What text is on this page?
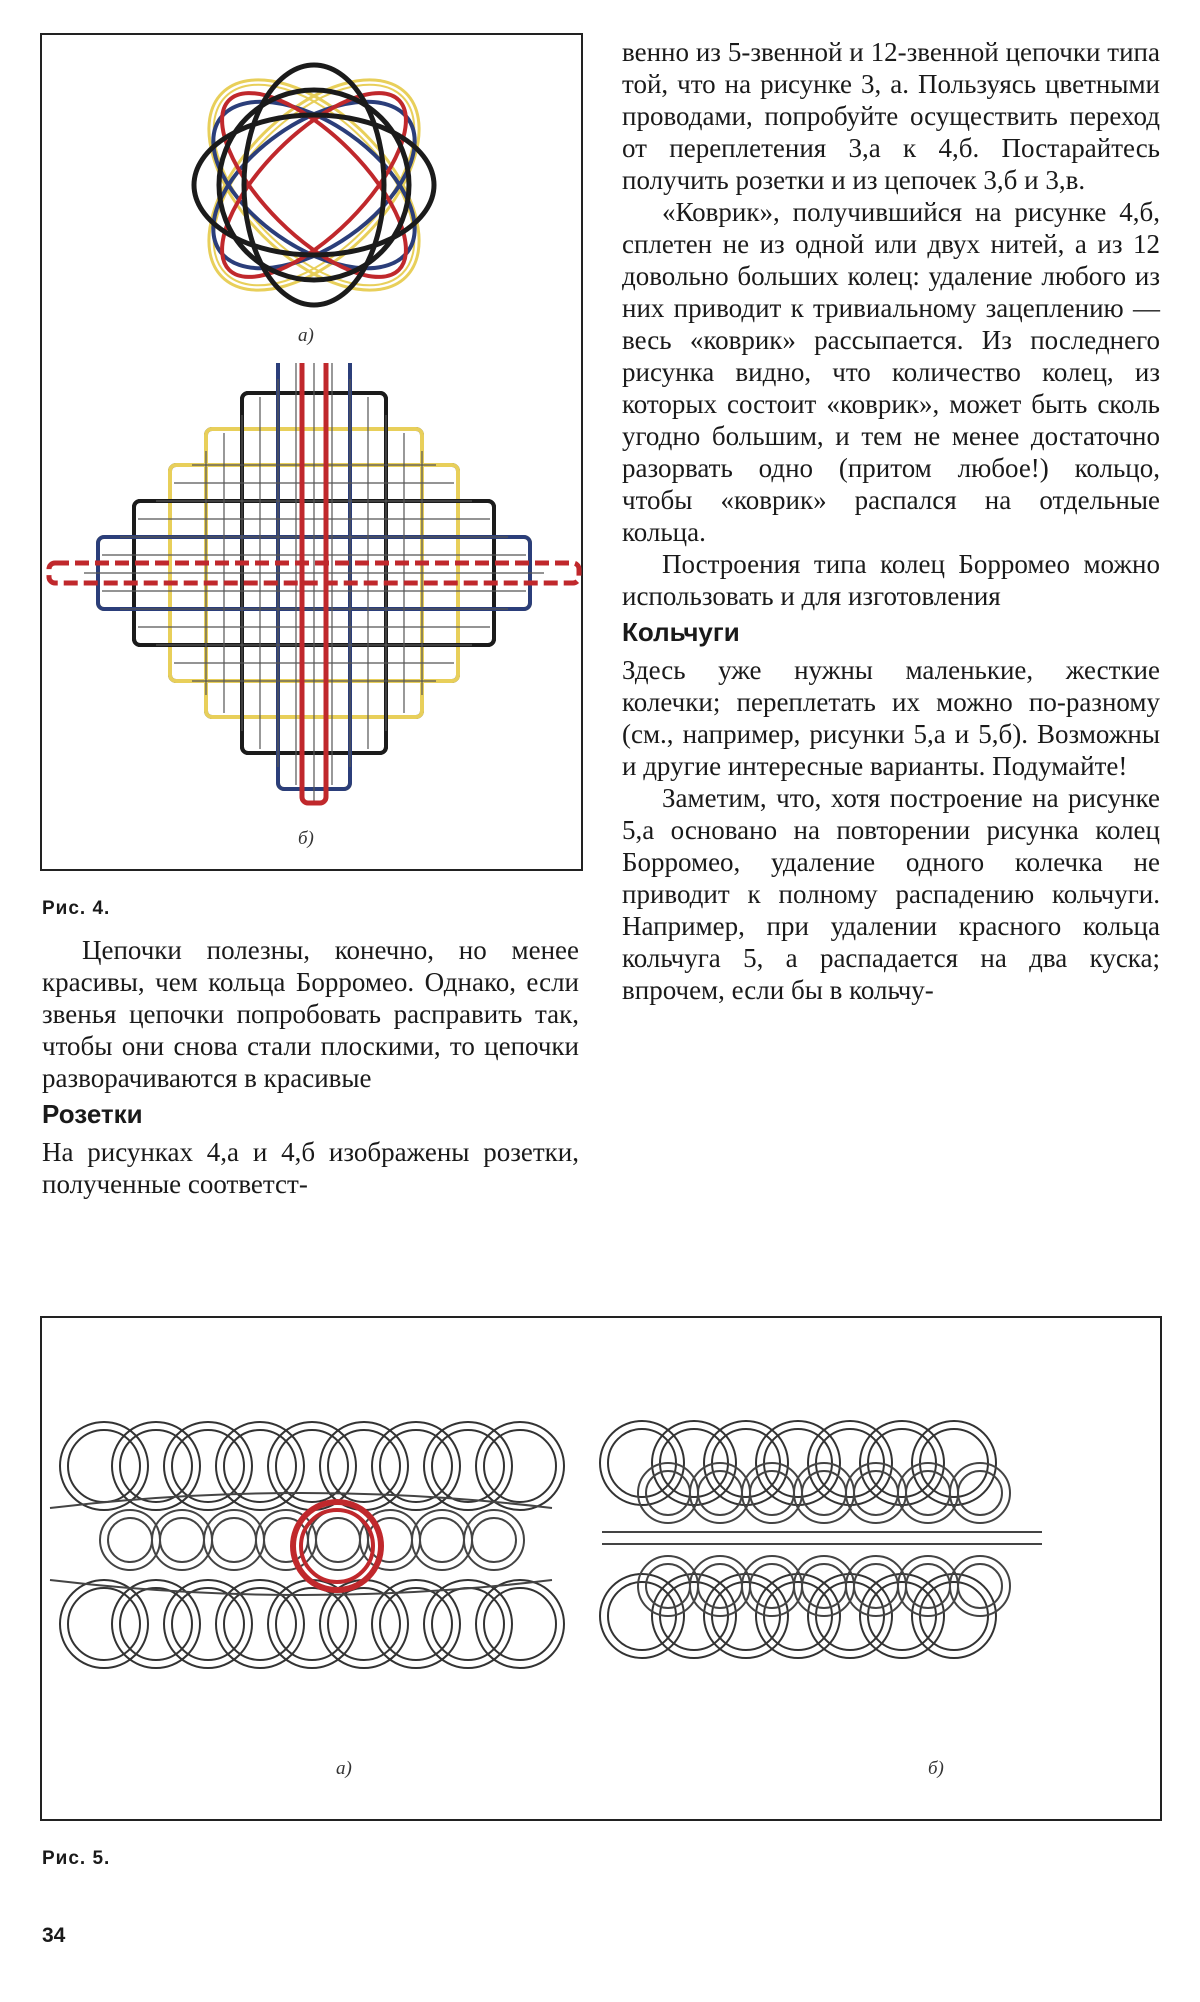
а)
б)
Рис. 4.

Цепочки полезны, конечно, но менее красивы, чем кольца Борромео. Однако, если звенья цепочки попробовать расправить так, чтобы они снова стали плоскими, то цепочки разворачиваются в красивые

Розетки

На рисунках 4,а и 4,б изображены розетки, полученные соответст-

венно из 5-звенной и 12-звенной цепочки типа той, что на рисунке 3, а. Пользуясь цветными проводами, попробуйте осуществить переход от переплетения 3,а к 4,б. Постарайтесь получить розетки и из цепочек 3,б и 3,в.

«Коврик», получившийся на рисунке 4,б, сплетен не из одной или двух нитей, а из 12 довольно больших колец: удаление любого из них приводит к тривиальному зацеплению — весь «коврик» рассыпается. Из последнего рисунка видно, что количество колец, из которых состоит «коврик», может быть сколь угодно большим, и тем не менее достаточно разорвать одно (притом любое!) кольцо, чтобы «коврик» распался на отдельные кольца.

Построения типа колец Борромео можно использовать и для изготовления

Кольчуги

Здесь уже нужны маленькие, жесткие колечки; переплетать их можно по-разному (см., например, рисунки 5,а и 5,б). Возможны и другие интересные варианты. Подумайте!

Заметим, что, хотя построение на рисунке 5,а основано на повторении рисунка колец Борромео, удаление одного колечка не приводит к полному распадению кольчуги. Например, при удалении красного кольца кольчуга 5, а распадается на два куска; впрочем, если бы в кольчу-

а)	б)
Рис. 5.
34
